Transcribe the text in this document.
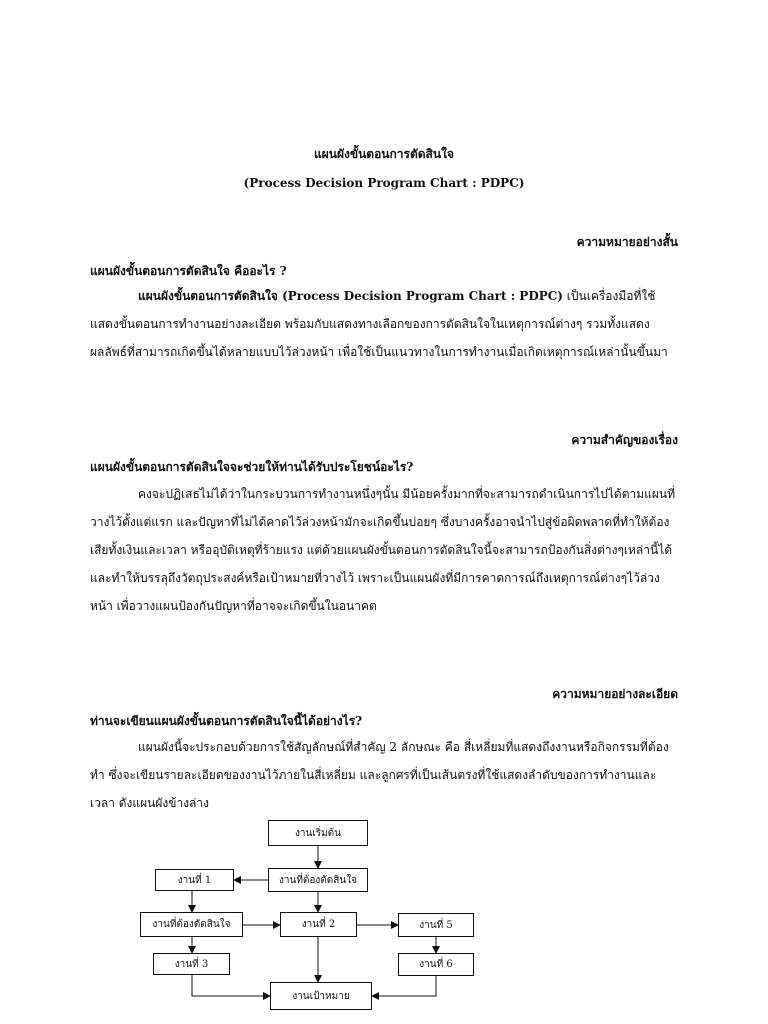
แผนผังขั้นตอนการตัดสินใจ
(Process Decision Program Chart : PDPC)
ความหมายอย่างสั้น
แผนผังขั้นตอนการตัดสินใจ คืออะไร ?

แผนผังขั้นตอนการตัดสินใจ (Process Decision Program Chart : PDPC) เป็นเครื่องมือที่ใช้แสดงขั้นตอนการทำงานอย่างละเอียด พร้อมกับแสดงทางเลือกของการตัดสินใจในเหตุการณ์ต่างๆ รวมทั้งแสดงผลลัพธ์ที่สามารถเกิดขึ้นได้หลายแบบไว้ล่วงหน้า เพื่อใช้เป็นแนวทางในการทำงานเมื่อเกิดเหตุการณ์เหล่านั้นขึ้นมา

ความสำคัญของเรื่อง
แผนผังขั้นตอนการตัดสินใจจะช่วยให้ท่านได้รับประโยชน์อะไร?

คงจะปฏิเสธไม่ได้ว่าในกระบวนการทำงานหนึ่งๆนั้น มีน้อยครั้งมากที่จะสามารถดำเนินการไปได้ตามแผนที่วางไว้ตั้งแต่แรก และปัญหาที่ไม่ได้คาดไว้ล่วงหน้ามักจะเกิดขึ้นบ่อยๆ ซึ่งบางครั้งอาจนำไปสู่ข้อผิดพลาดที่ทำให้ต้องเสียทั้งเงินและเวลา หรืออุบัติเหตุที่ร้ายแรง แต่ด้วยแผนผังขั้นตอนการตัดสินใจนี้จะสามารถป้องกันสิ่งต่างๆเหล่านี้ได้ และทำให้บรรลุถึงวัตถุประสงค์หรือเป้าหมายที่วางไว้ เพราะเป็นแผนผังที่มีการคาดการณ์ถึงเหตุการณ์ต่างๆไว้ล่วงหน้า เพื่อวางแผนป้องกันปัญหาที่อาจจะเกิดขึ้นในอนาคต

ความหมายอย่างละเอียด
ท่านจะเขียนแผนผังขั้นตอนการตัดสินใจนี้ได้อย่างไร?

แผนผังนี้จะประกอบด้วยการใช้สัญลักษณ์ที่สำคัญ 2 ลักษณะ คือ สี่เหลี่ยมที่แสดงถึงงานหรือกิจกรรมที่ต้องทำ ซึ่งจะเขียนรายละเอียดของงานไว้ภายในสี่เหลี่ยม และลูกศรที่เป็นเส้นตรงที่ใช้แสดงลำดับของการทำงานและเวลา ดังแผนผังข้างล่าง

งานเริ่มต้น
งานที่ต้องตัดสินใจ
งานที่ 1
งานที่ต้องตัดสินใจ	งานที่ 2	งานที่ 5
งานที่ 3	งานที่ 6
งานเป้าหมาย
